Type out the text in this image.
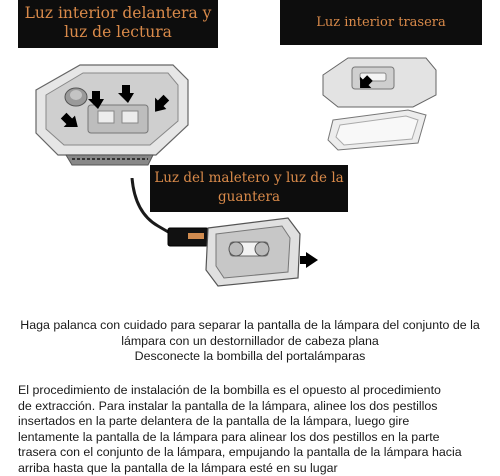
Luz interior delantera y
luz de lectura
Luz interior trasera
Luz del maletero y luz de la
guantera
Haga palanca con cuidado para separar la pantalla de la lámpara del conjunto de la
lámpara con un destornillador de cabeza plana
Desconecte la bombilla del portalámparas
El procedimiento de instalación de la bombilla es el opuesto al procedimiento
de extracción. Para instalar la pantalla de la lámpara, alinee los dos pestillos
insertados en la parte delantera de la pantalla de la lámpara, luego gire
lentamente la pantalla de la lámpara para alinear los dos pestillos en la parte
trasera con el conjunto de la lámpara, empujando la pantalla de la lámpara hacia
arriba hasta que la pantalla de la lámpara esté en su lugar
